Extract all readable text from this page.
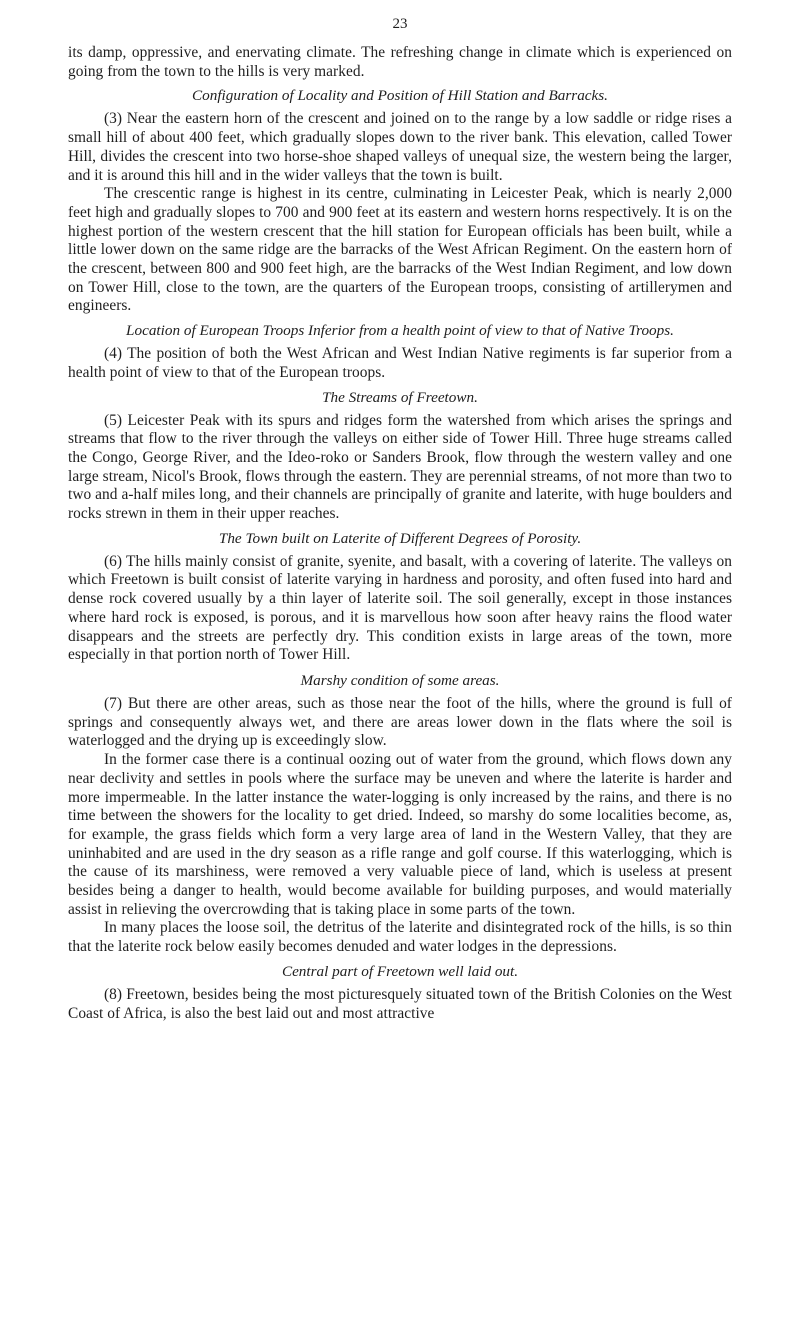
23

its damp, oppressive, and enervating climate. The refreshing change in climate which is experienced on going from the town to the hills is very marked.

Configuration of Locality and Position of Hill Station and Barracks.

(3) Near the eastern horn of the crescent and joined on to the range by a low saddle or ridge rises a small hill of about 400 feet, which gradually slopes down to the river bank. This elevation, called Tower Hill, divides the crescent into two horse-shoe shaped valleys of unequal size, the western being the larger, and it is around this hill and in the wider valleys that the town is built.

The crescentic range is highest in its centre, culminating in Leicester Peak, which is nearly 2,000 feet high and gradually slopes to 700 and 900 feet at its eastern and western horns respectively. It is on the highest portion of the western crescent that the hill station for European officials has been built, while a little lower down on the same ridge are the barracks of the West African Regiment. On the eastern horn of the crescent, between 800 and 900 feet high, are the barracks of the West Indian Regiment, and low down on Tower Hill, close to the town, are the quarters of the European troops, consisting of artillerymen and engineers.

Location of European Troops Inferior from a health point of view to that of Native Troops.

(4) The position of both the West African and West Indian Native regiments is far superior from a health point of view to that of the European troops.

The Streams of Freetown.

(5) Leicester Peak with its spurs and ridges form the watershed from which arises the springs and streams that flow to the river through the valleys on either side of Tower Hill. Three huge streams called the Congo, George River, and the Ideo-roko or Sanders Brook, flow through the western valley and one large stream, Nicol's Brook, flows through the eastern. They are perennial streams, of not more than two to two and a-half miles long, and their channels are principally of granite and laterite, with huge boulders and rocks strewn in them in their upper reaches.

The Town built on Laterite of Different Degrees of Porosity.

(6) The hills mainly consist of granite, syenite, and basalt, with a covering of laterite. The valleys on which Freetown is built consist of laterite varying in hardness and porosity, and often fused into hard and dense rock covered usually by a thin layer of laterite soil. The soil generally, except in those instances where hard rock is exposed, is porous, and it is marvellous how soon after heavy rains the flood water disappears and the streets are perfectly dry. This condition exists in large areas of the town, more especially in that portion north of Tower Hill.

Marshy condition of some areas.

(7) But there are other areas, such as those near the foot of the hills, where the ground is full of springs and consequently always wet, and there are areas lower down in the flats where the soil is waterlogged and the drying up is exceedingly slow.

In the former case there is a continual oozing out of water from the ground, which flows down any near declivity and settles in pools where the surface may be uneven and where the laterite is harder and more impermeable. In the latter instance the water-logging is only increased by the rains, and there is no time between the showers for the locality to get dried. Indeed, so marshy do some localities become, as, for example, the grass fields which form a very large area of land in the Western Valley, that they are uninhabited and are used in the dry season as a rifle range and golf course. If this waterlogging, which is the cause of its marshiness, were removed a very valuable piece of land, which is useless at present besides being a danger to health, would become available for building purposes, and would materially assist in relieving the overcrowding that is taking place in some parts of the town.

In many places the loose soil, the detritus of the laterite and disintegrated rock of the hills, is so thin that the laterite rock below easily becomes denuded and water lodges in the depressions.

Central part of Freetown well laid out.

(8) Freetown, besides being the most picturesquely situated town of the British Colonies on the West Coast of Africa, is also the best laid out and most attractive
